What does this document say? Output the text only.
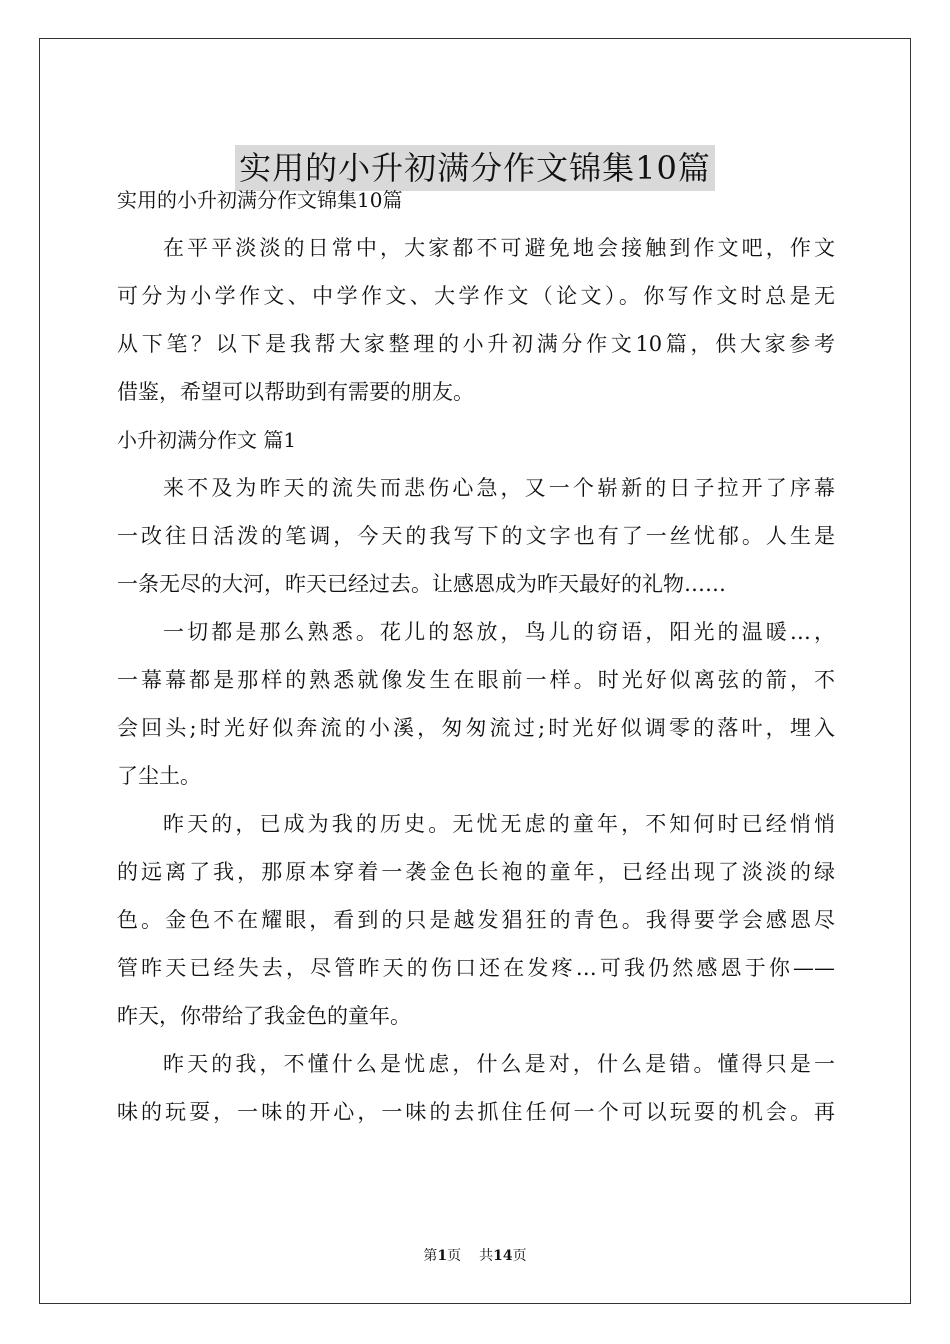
实用的小升初满分作文锦集10篇

实用的小升初满分作文锦集10篇

在平平淡淡的日常中，大家都不可避免地会接触到作文吧，作文

可分为小学作文、中学作文、大学作文（论文）。你写作文时总是无

从下笔？以下是我帮大家整理的小升初满分作文10篇，供大家参考

借鉴，希望可以帮助到有需要的朋友。

小升初满分作文 篇1

来不及为昨天的流失而悲伤心急，又一个崭新的日子拉开了序幕

一改往日活泼的笔调，今天的我写下的文字也有了一丝忧郁。人生是

一条无尽的大河，昨天已经过去。让感恩成为昨天最好的礼物……

一切都是那么熟悉。花儿的怒放，鸟儿的窃语，阳光的温暖…，

一幕幕都是那样的熟悉就像发生在眼前一样。时光好似离弦的箭，不

会回头;时光好似奔流的小溪，匆匆流过;时光好似调零的落叶，埋入

了尘土。

昨天的，已成为我的历史。无忧无虑的童年，不知何时已经悄悄

的远离了我，那原本穿着一袭金色长袍的童年，已经出现了淡淡的绿

色。金色不在耀眼，看到的只是越发猖狂的青色。我得要学会感恩尽

管昨天已经失去，尽管昨天的伤口还在发疼…可我仍然感恩于你——

昨天，你带给了我金色的童年。

昨天的我，不懂什么是忧虑，什么是对，什么是错。懂得只是一

味的玩耍，一味的开心，一味的去抓住任何一个可以玩耍的机会。再

第1页 共14页
